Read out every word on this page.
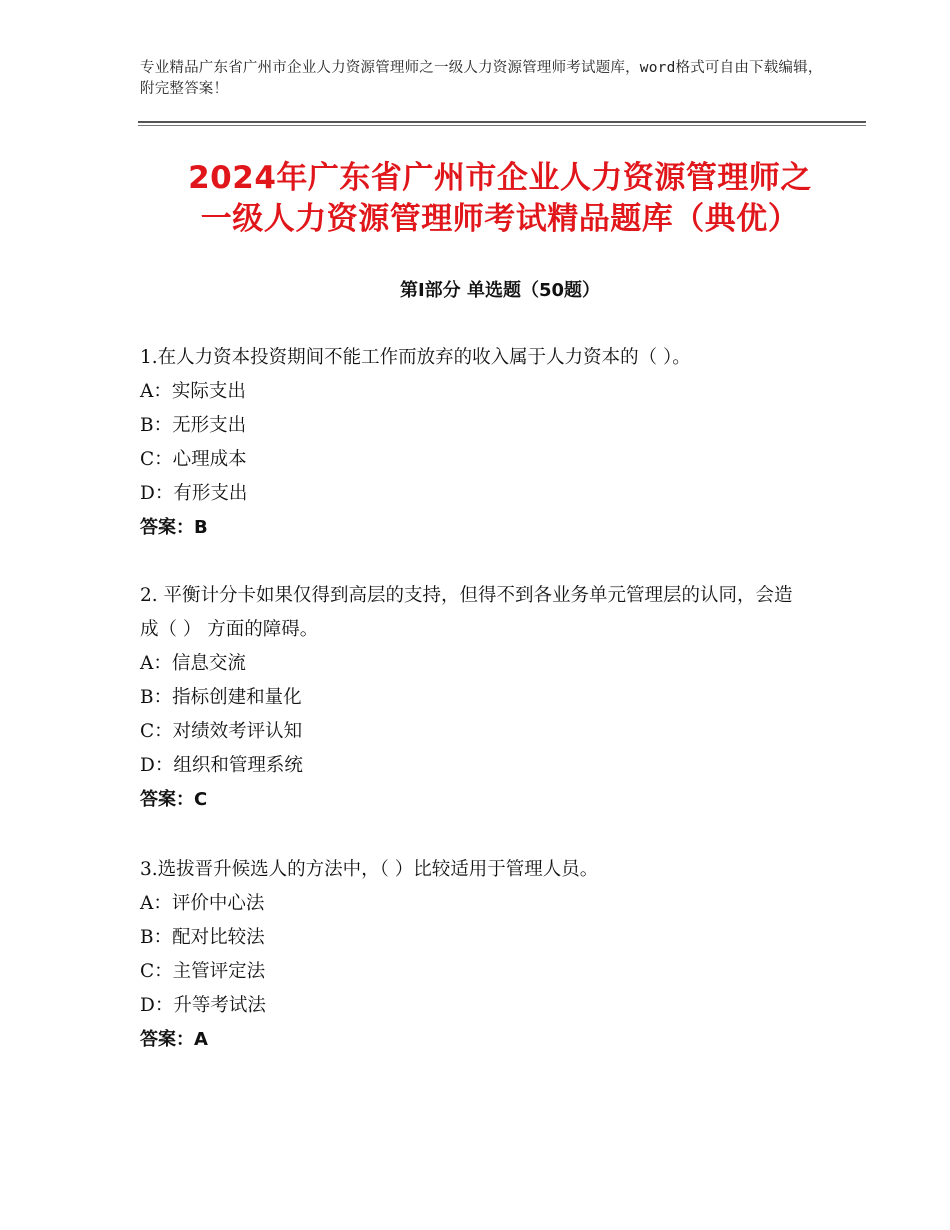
专业精品广东省广州市企业人力资源管理师之一级人力资源管理师考试题库，word格式可自由下载编辑，附完整答案！
2024年广东省广州市企业人力资源管理师之
一级人力资源管理师考试精品题库（典优）
第Ⅰ部分 单选题（50题）

1.在人力资本投资期间不能工作而放弃的收入属于人力资本的（ ）。

A：实际支出

B：无形支出

C：心理成本

D：有形支出

答案：B

2. 平衡计分卡如果仅得到高层的支持，但得不到各业务单元管理层的认同，会造成（ ） 方面的障碍。

A：信息交流

B：指标创建和量化

C：对绩效考评认知

D：组织和管理系统

答案：C

3.选拔晋升候选人的方法中，（ ）比较适用于管理人员。

A：评价中心法

B：配对比较法

C：主管评定法

D：升等考试法

答案：A
